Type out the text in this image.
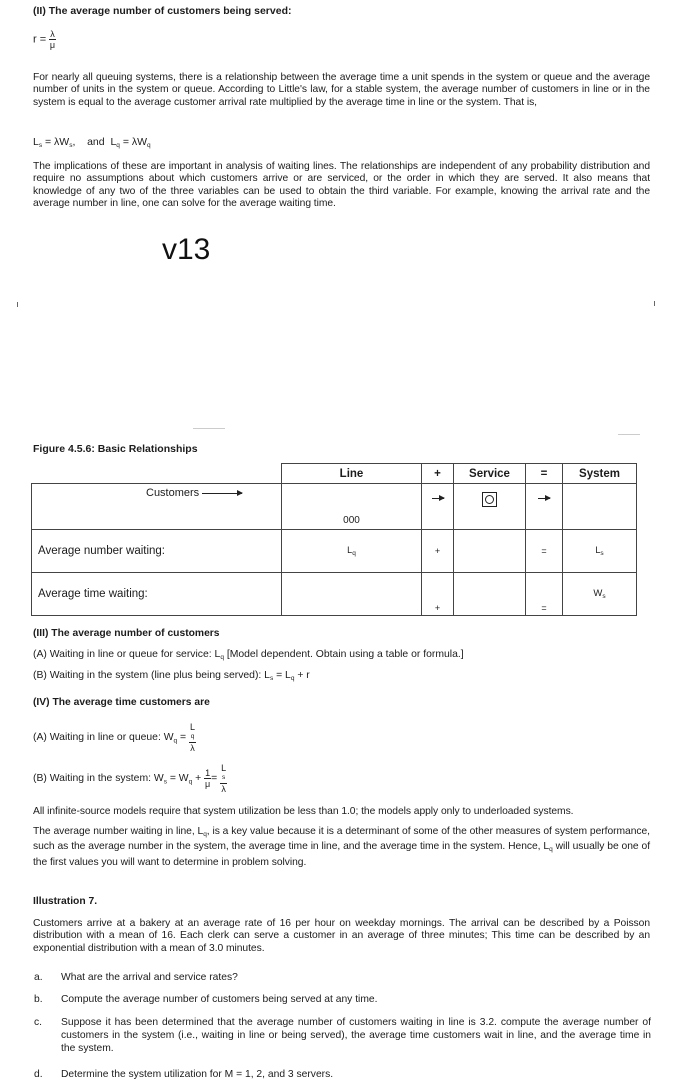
(II) The average number of customers being served:
$r = \frac{\lambda}{\mu}$
For nearly all queuing systems, there is a relationship between the average time a unit spends in the system or queue and the average number of units in the system or queue. According to Little's law, for a stable system, the average number of customers in line or in the system is equal to the average customer arrival rate multiplied by the average time in line or the system. That is,
$L_s = \lambda W_s$,    and  $L_q = \lambda W_q$
The implications of these are important in analysis of waiting lines. The relationships are independent of any probability distribution and require no assumptions about which customers arrive or are serviced, or the order in which they are served. It also means that knowledge of any two of the three variables can be used to obtain the third variable. For example, knowing the arrival rate and the average number in line, one can solve for the average waiting time.
v13
Figure 4.5.6: Basic Relationships
	Line	+	Service	=	System
Customers	000				
Average number waiting:	$L_q$	+		=	$L_s$
Average time waiting:		+		=	$W_s$
(III) The average number of customers
(A) Waiting in line or queue for service: $L_q$ [Model dependent. Obtain using a table or formula.]
(B) Waiting in the system (line plus being served): $L_s = L_q + r$
(IV) The average time customers are
(A) Waiting in line or queue: $W_q = L$
q
λ
(B) Waiting in the system: $W_s = W_q + \frac{1}{\mu} = L$
s
λ
All infinite-source models require that system utilization be less than 1.0; the models apply only to underloaded systems.
The average number waiting in line, $L_q$, is a key value because it is a determinant of some of the other measures of system performance, such as the average number in the system, the average time in line, and the average time in the system. Hence, $L_q$ will usually be one of the first values you will want to determine in problem solving.
Illustration 7.
Customers arrive at a bakery at an average rate of 16 per hour on weekday mornings. The arrival can be described by a Poisson distribution with a mean of 16. Each clerk can serve a customer in an average of three minutes; This time can be described by an exponential distribution with a mean of 3.0 minutes.
a. What are the arrival and service rates?
b. Compute the average number of customers being served at any time.
c. Suppose it has been determined that the average number of customers waiting in line is 3.2. compute the average number of customers in the system (i.e., waiting in line or being served), the average time customers wait in line, and the average time in the system.
d. Determine the system utilization for M = 1, 2, and 3 servers.
